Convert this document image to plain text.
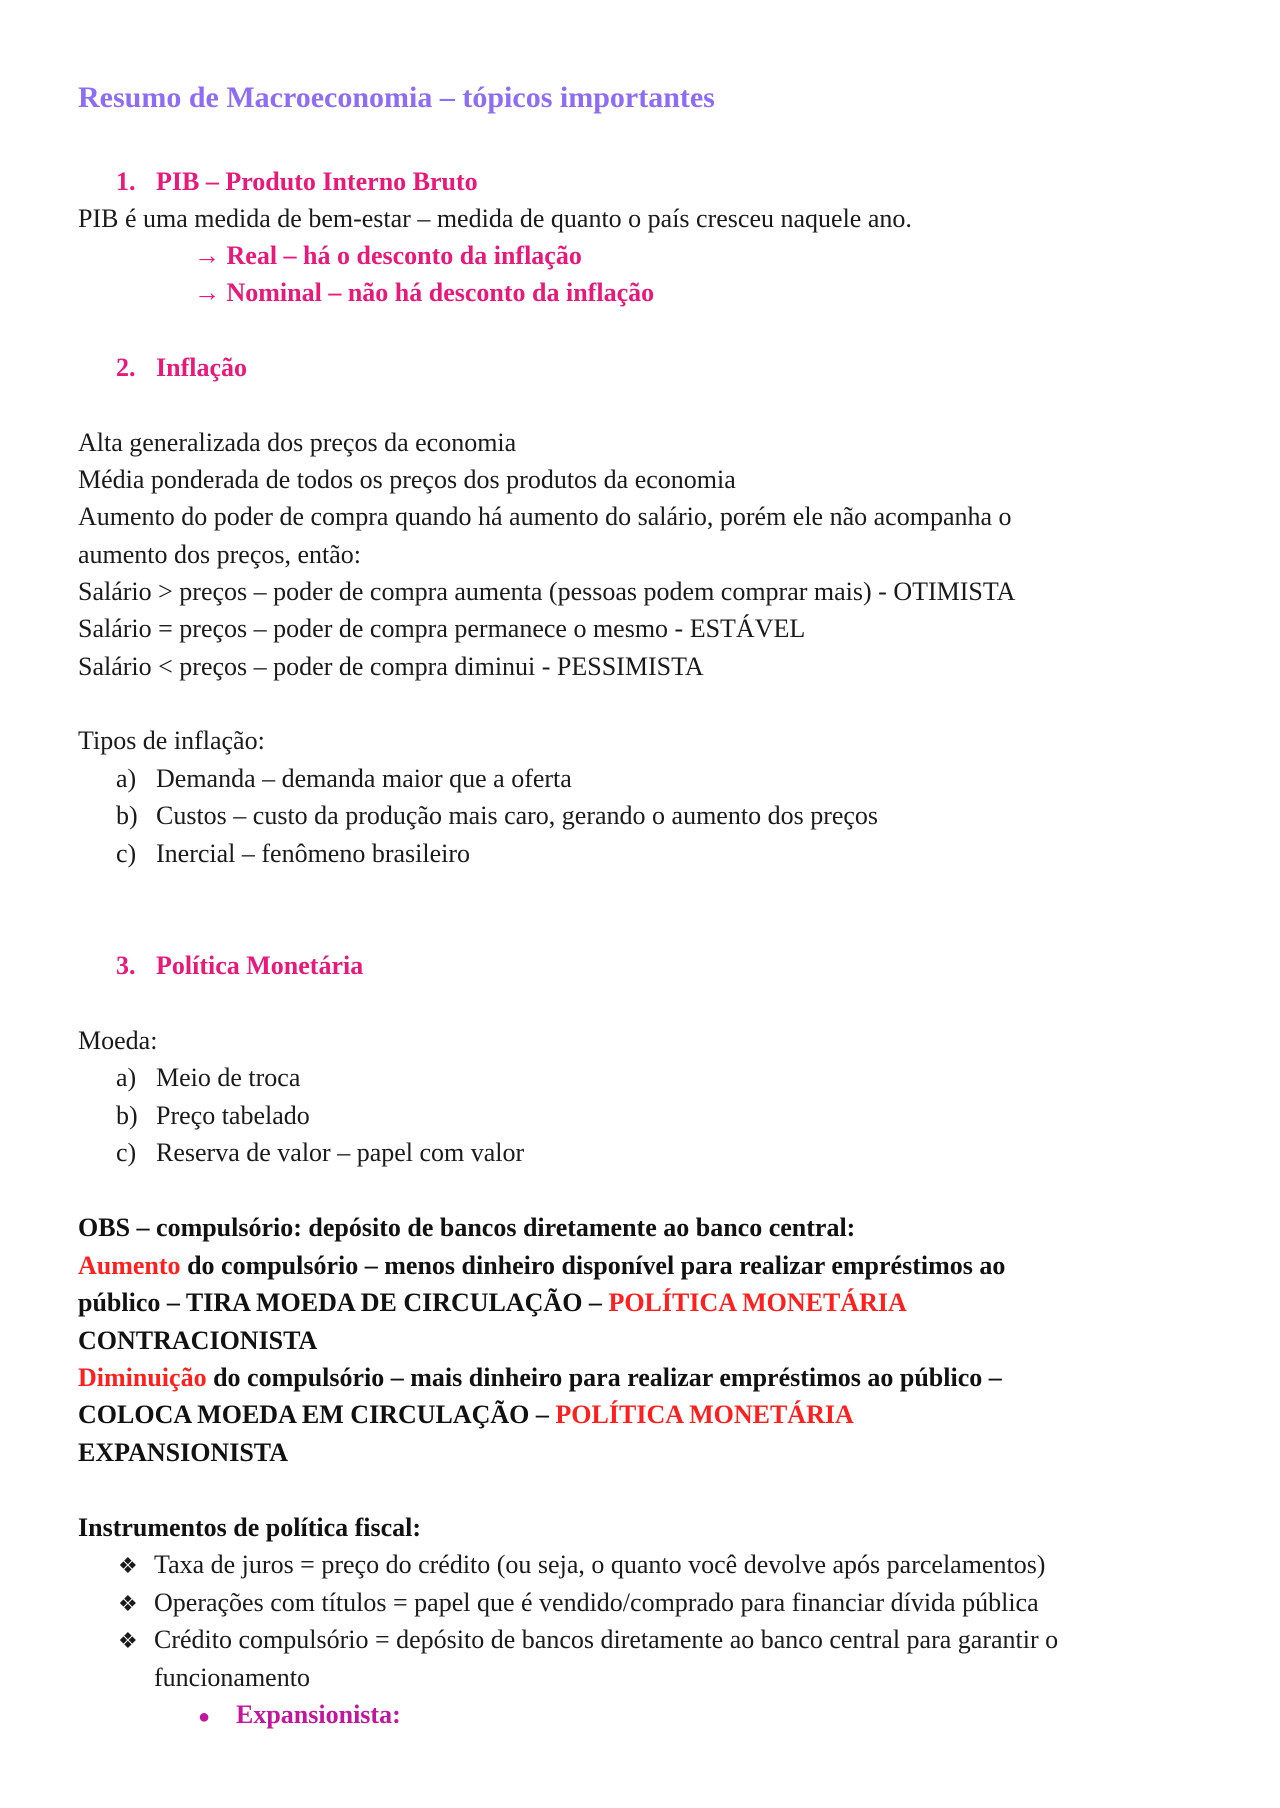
Resumo de Macroeconomia – tópicos importantes
1. PIB – Produto Interno Bruto
PIB é uma medida de bem-estar – medida de quanto o país cresceu naquele ano.
→ Real – há o desconto da inflação
→ Nominal – não há desconto da inflação
2. Inflação
Alta generalizada dos preços da economia
Média ponderada de todos os preços dos produtos da economia
Aumento do poder de compra quando há aumento do salário, porém ele não acompanha o
aumento dos preços, então:
Salário > preços – poder de compra aumenta (pessoas podem comprar mais) - OTIMISTA
Salário = preços – poder de compra permanece o mesmo - ESTÁVEL
Salário < preços – poder de compra diminui - PESSIMISTA
Tipos de inflação:
a) Demanda – demanda maior que a oferta
b) Custos – custo da produção mais caro, gerando o aumento dos preços
c) Inercial – fenômeno brasileiro
3. Política Monetária
Moeda:
a) Meio de troca
b) Preço tabelado
c) Reserva de valor – papel com valor
OBS – compulsório: depósito de bancos diretamente ao banco central:
Aumento do compulsório – menos dinheiro disponível para realizar empréstimos ao
público – TIRA MOEDA DE CIRCULAÇÃO – POLÍTICA MONETÁRIA
CONTRACIONISTA
Diminuição do compulsório – mais dinheiro para realizar empréstimos ao público –
COLOCA MOEDA EM CIRCULAÇÃO – POLÍTICA MONETÁRIA
EXPANSIONISTA
Instrumentos de política fiscal:
❖ Taxa de juros = preço do crédito (ou seja, o quanto você devolve após parcelamentos)
❖ Operações com títulos = papel que é vendido/comprado para financiar dívida pública
❖ Crédito compulsório = depósito de bancos diretamente ao banco central para garantir o
funcionamento
● Expansionista:
